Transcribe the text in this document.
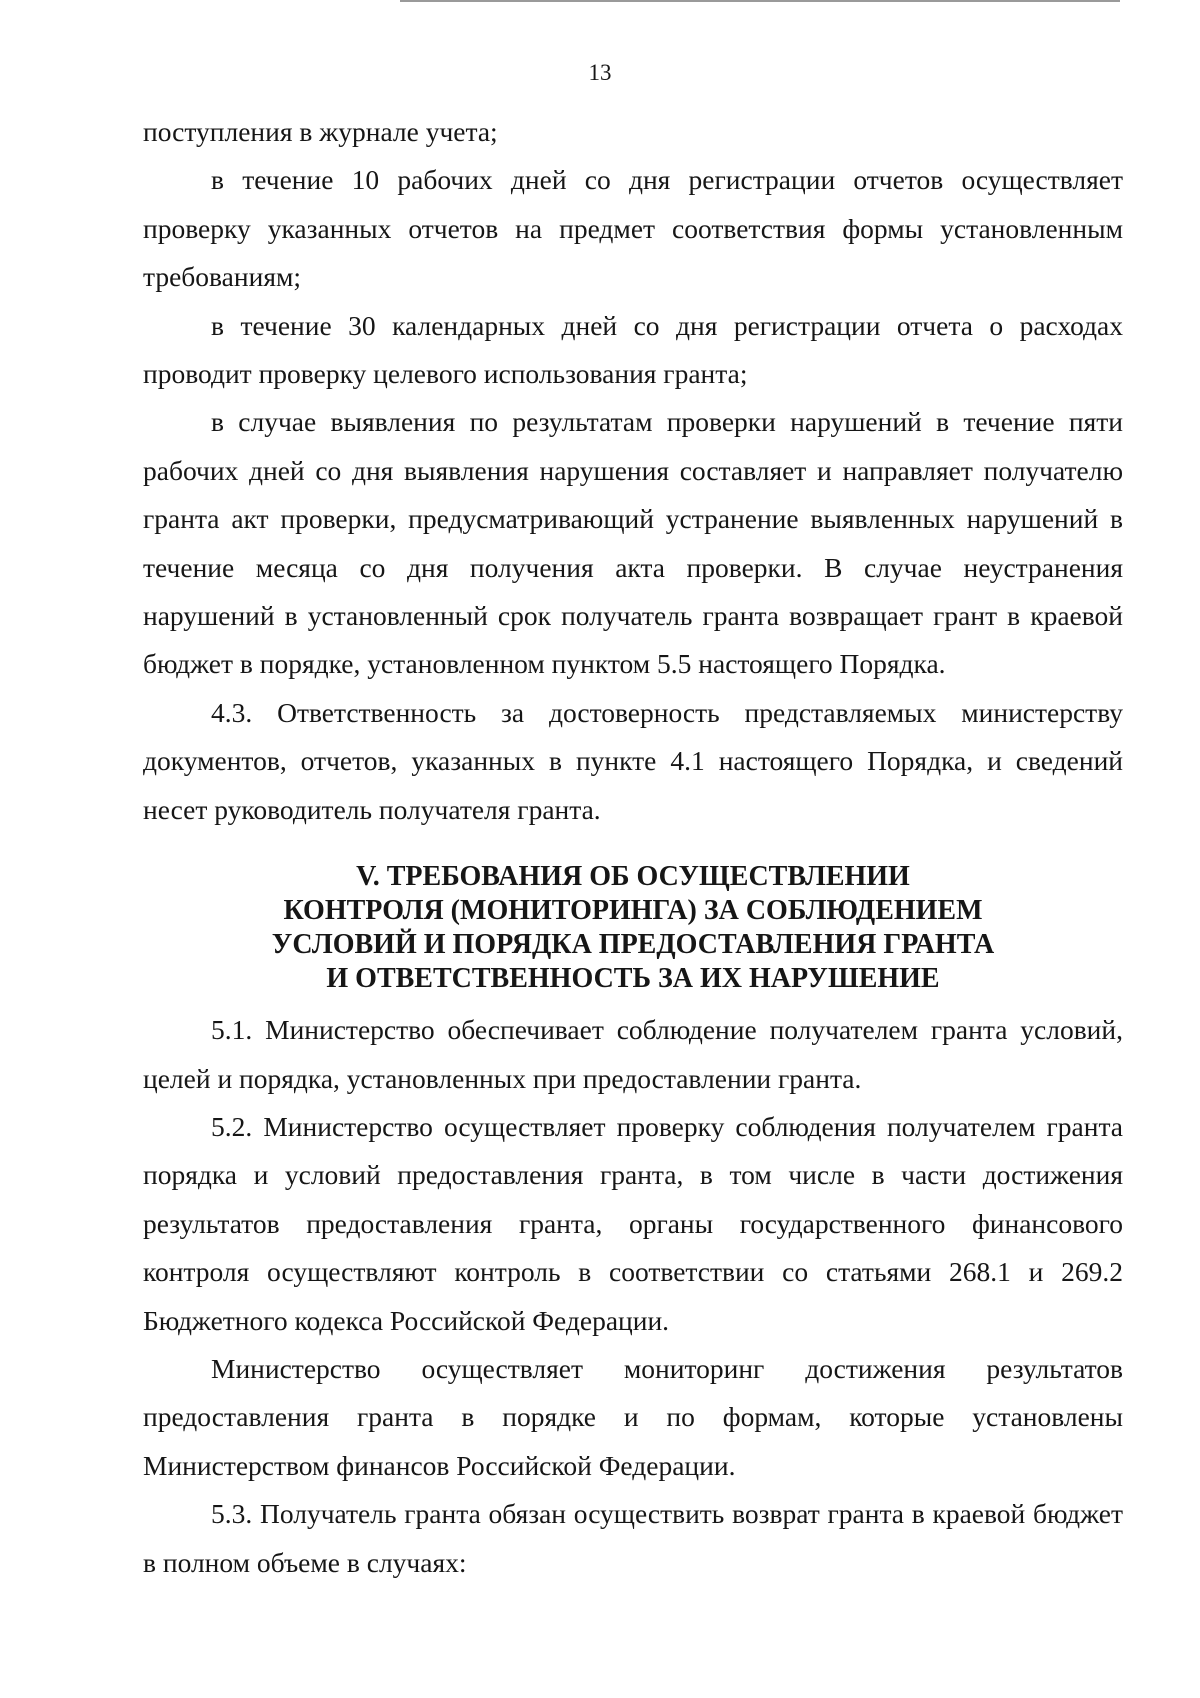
13

поступления в журнале учета;

в течение 10 рабочих дней со дня регистрации отчетов осуществляет проверку указанных отчетов на предмет соответствия формы установленным требованиям;

в течение 30 календарных дней со дня регистрации отчета о расходах проводит проверку целевого использования гранта;

в случае выявления по результатам проверки нарушений в течение пяти рабочих дней со дня выявления нарушения составляет и направляет получателю гранта акт проверки, предусматривающий устранение выявленных нарушений в течение месяца со дня получения акта проверки. В случае неустранения нарушений в установленный срок получатель гранта возвращает грант в краевой бюджет в порядке, установленном пунктом 5.5 настоящего Порядка.

4.3. Ответственность за достоверность представляемых министерству документов, отчетов, указанных в пункте 4.1 настоящего Порядка, и сведений несет руководитель получателя гранта.

V. ТРЕБОВАНИЯ ОБ ОСУЩЕСТВЛЕНИИ
КОНТРОЛЯ (МОНИТОРИНГА) ЗА СОБЛЮДЕНИЕМ
УСЛОВИЙ И ПОРЯДКА ПРЕДОСТАВЛЕНИЯ ГРАНТА
И ОТВЕТСТВЕННОСТЬ ЗА ИХ НАРУШЕНИЕ

5.1. Министерство обеспечивает соблюдение получателем гранта условий, целей и порядка, установленных при предоставлении гранта.

5.2. Министерство осуществляет проверку соблюдения получателем гранта порядка и условий предоставления гранта, в том числе в части достижения результатов предоставления гранта, органы государственного финансового контроля осуществляют контроль в соответствии со статьями 268.1 и 269.2 Бюджетного кодекса Российской Федерации.

Министерство осуществляет мониторинг достижения результатов предоставления гранта в порядке и по формам, которые установлены Министерством финансов Российской Федерации.

5.3. Получатель гранта обязан осуществить возврат гранта в краевой бюджет в полном объеме в случаях:
